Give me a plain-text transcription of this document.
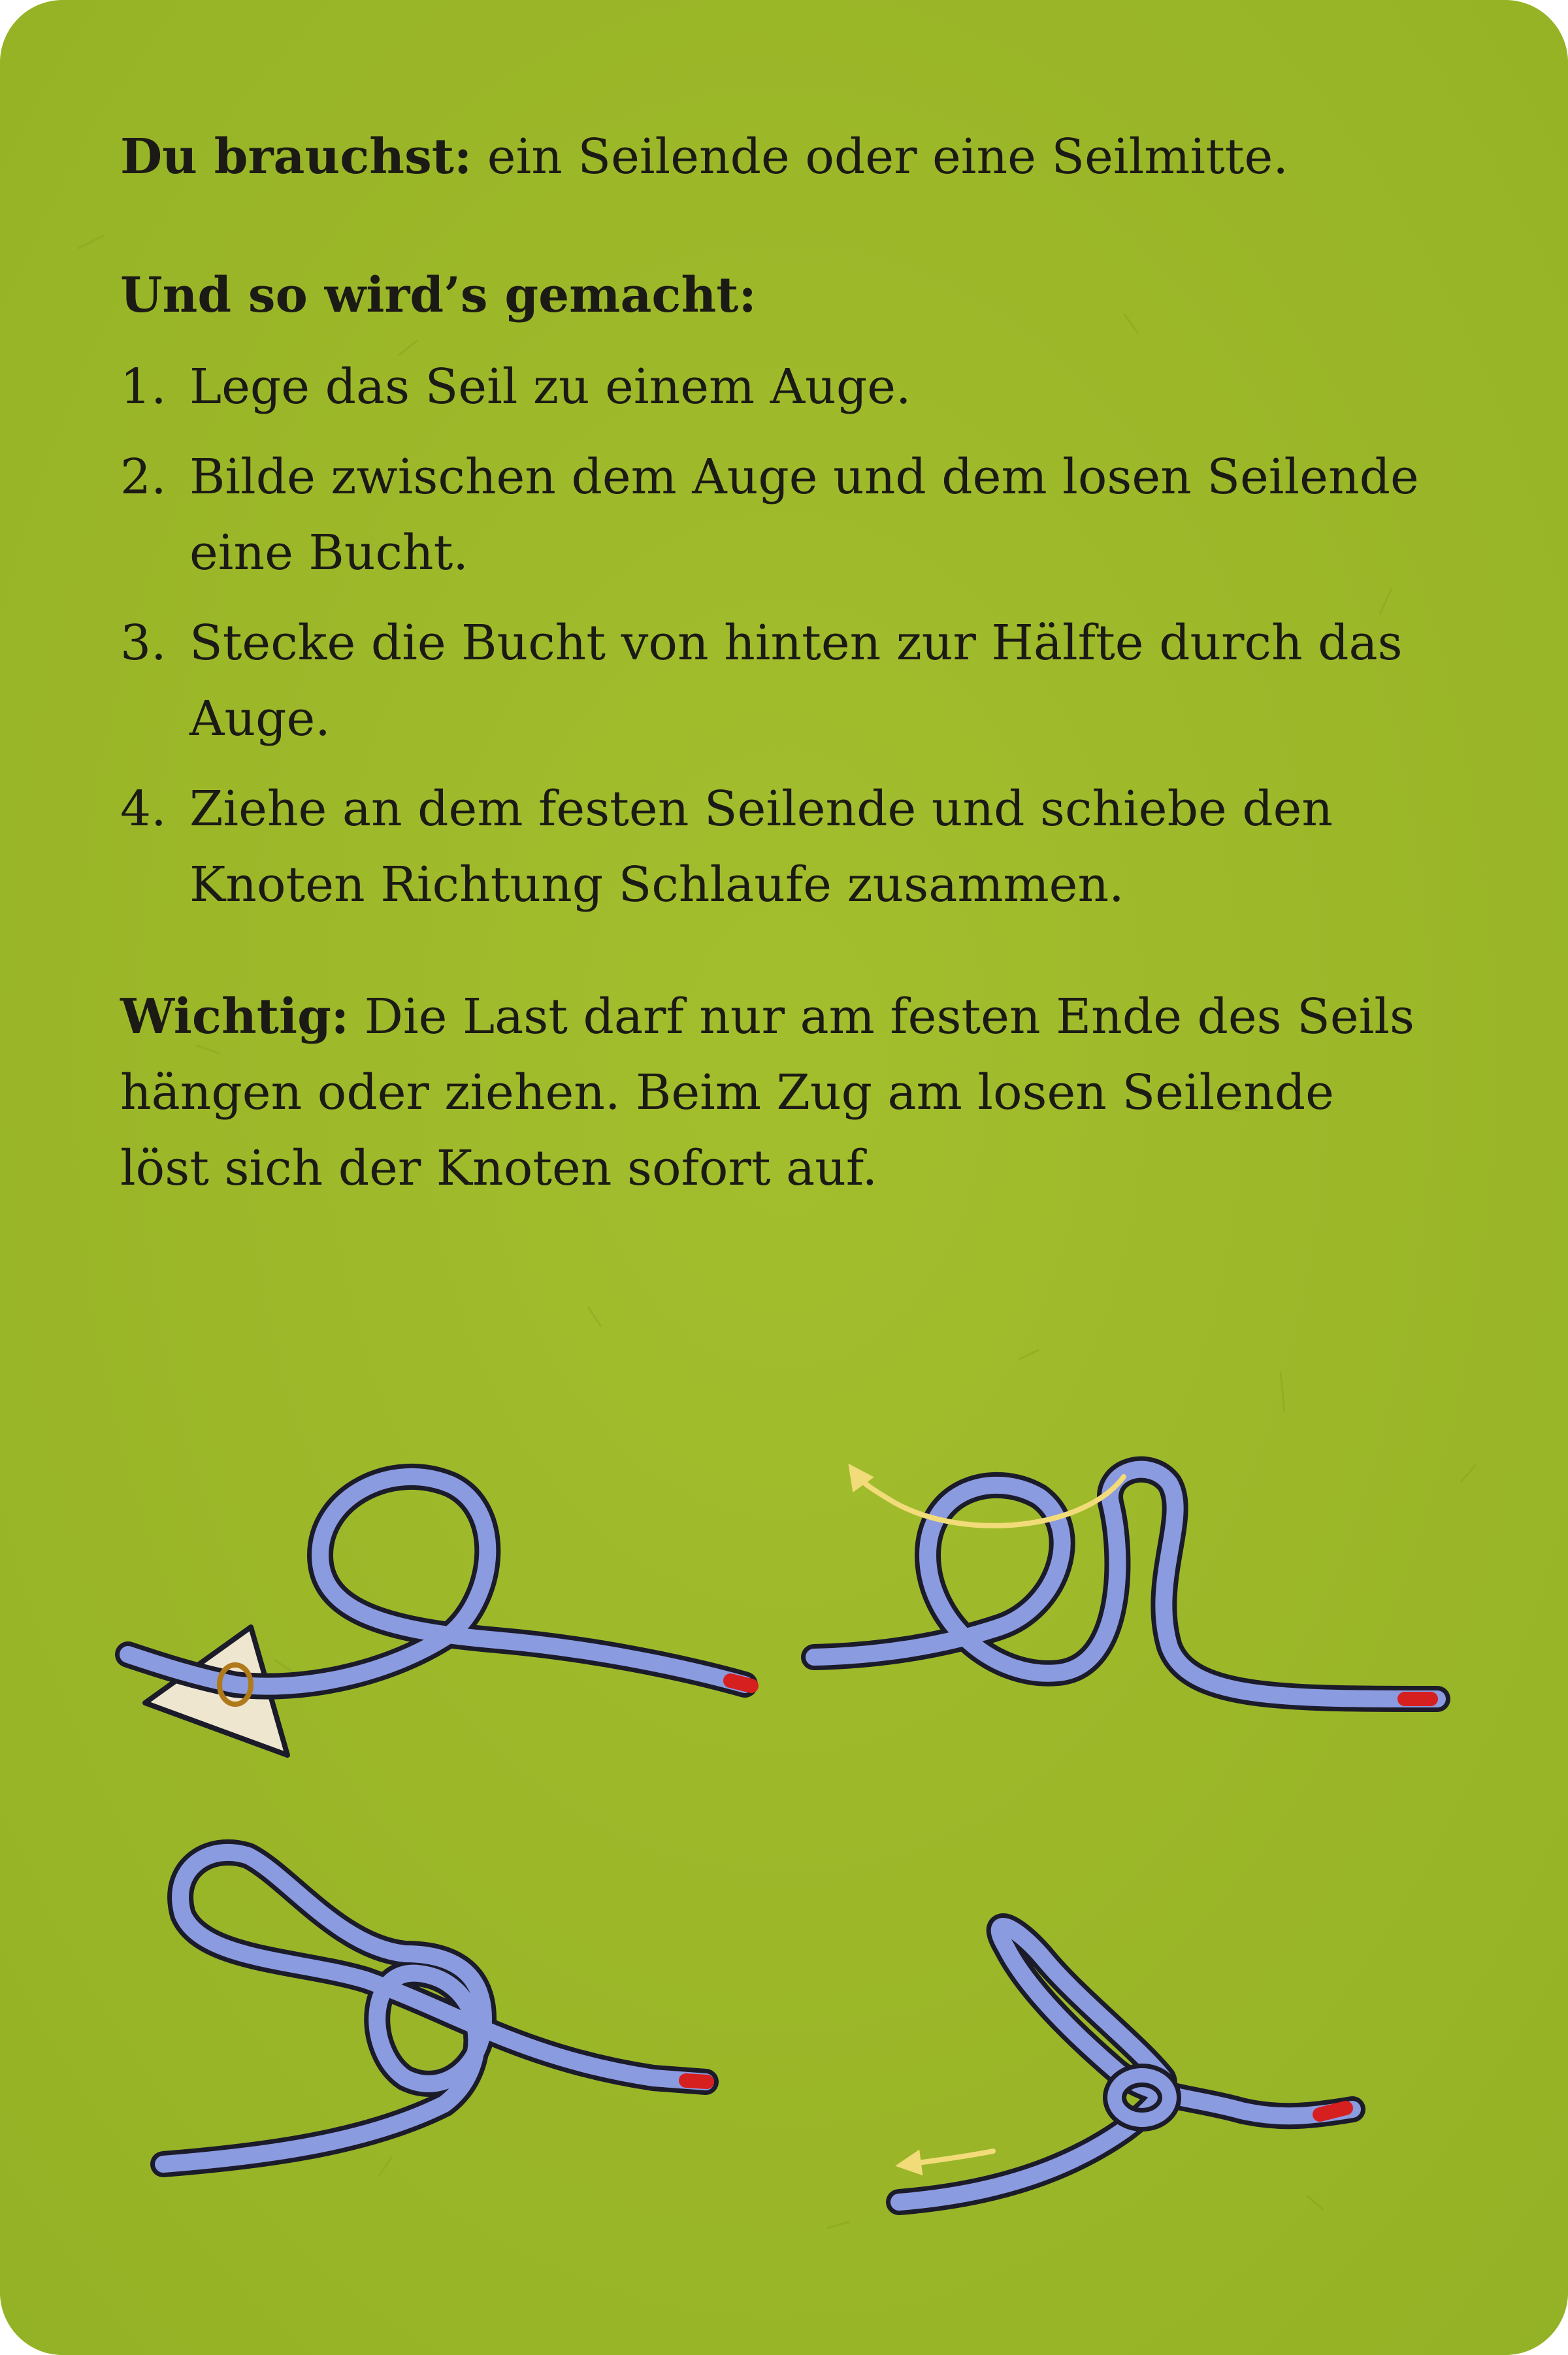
Du brauchst: ein Seilende oder eine Seilmitte.

Und so wird’s gemacht:

1. Lege das Seil zu einem Auge.
2. Bilde zwischen dem Auge und dem losen Seilende eine Bucht.
3. Stecke die Bucht von hinten zur Hälfte durch das Auge.
4. Ziehe an dem festen Seilende und schiebe den Knoten Richtung Schlaufe zusammen.

Wichtig: Die Last darf nur am festen Ende des Seils hängen oder ziehen. Beim Zug am losen Seilende löst sich der Knoten sofort auf.
